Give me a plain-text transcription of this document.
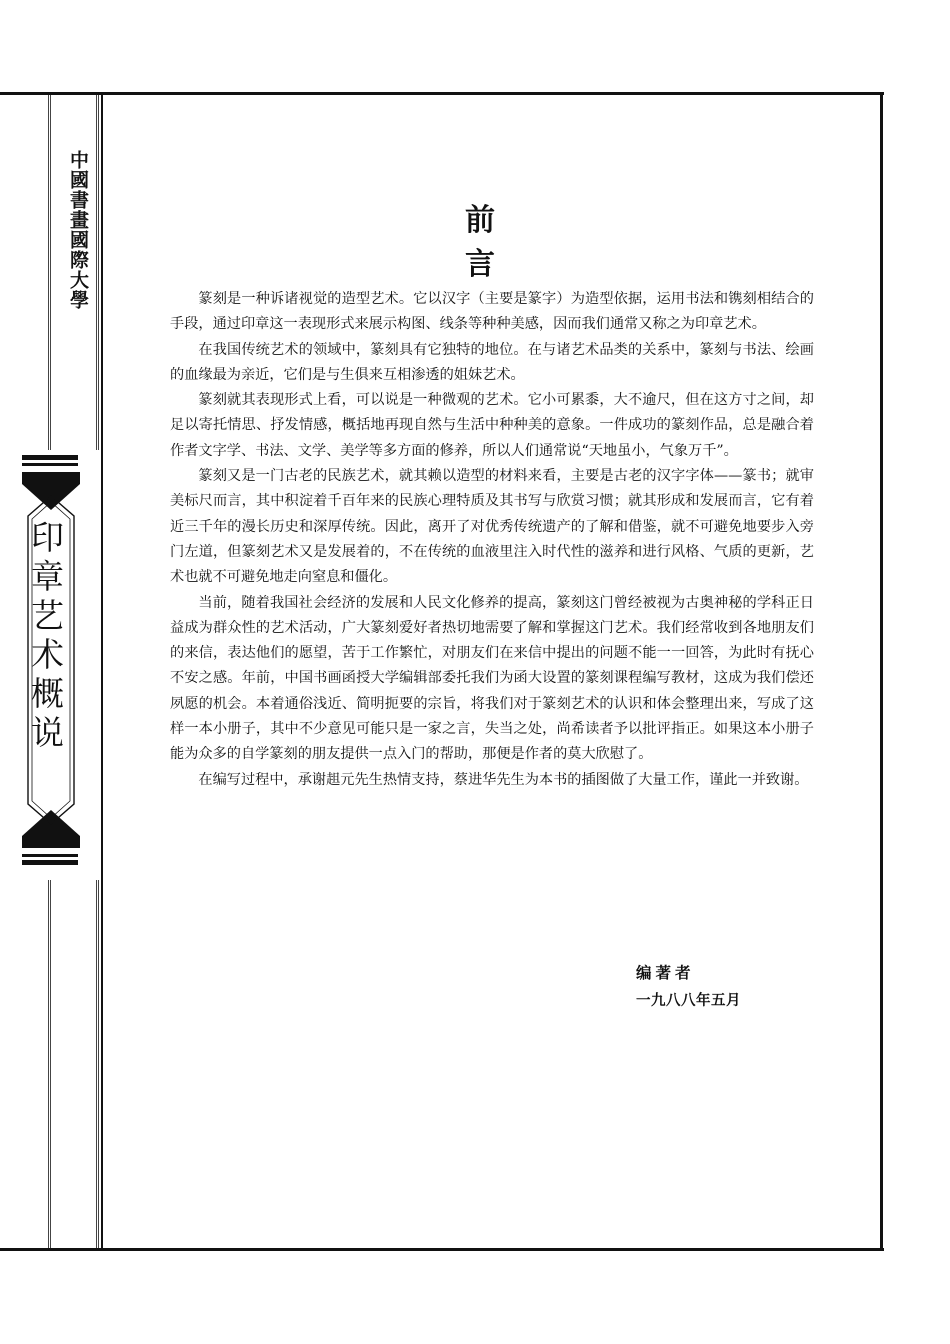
中國書畫國際大學
印章艺术概说
前言

篆刻是一种诉诸视觉的造型艺术。它以汉字（主要是篆字）为造型依据，运用书法和镌刻相结合的手段，通过印章这一表现形式来展示构图、线条等种种美感，因而我们通常又称之为印章艺术。

在我国传统艺术的领域中，篆刻具有它独特的地位。在与诸艺术品类的关系中，篆刻与书法、绘画的血缘最为亲近，它们是与生俱来互相渗透的姐妹艺术。

篆刻就其表现形式上看，可以说是一种微观的艺术。它小可累黍，大不逾尺，但在这方寸之间，却足以寄托情思、抒发情感，概括地再现自然与生活中种种美的意象。一件成功的篆刻作品，总是融合着作者文字学、书法、文学、美学等多方面的修养，所以人们通常说“天地虽小，气象万千”。

篆刻又是一门古老的民族艺术，就其赖以造型的材料来看，主要是古老的汉字字体——篆书；就审美标尺而言，其中积淀着千百年来的民族心理特质及其书写与欣赏习惯；就其形成和发展而言，它有着近三千年的漫长历史和深厚传统。因此，离开了对优秀传统遗产的了解和借鉴，就不可避免地要步入旁门左道，但篆刻艺术又是发展着的，不在传统的血液里注入时代性的滋养和进行风格、气质的更新，艺术也就不可避免地走向窒息和僵化。

当前，随着我国社会经济的发展和人民文化修养的提高，篆刻这门曾经被视为古奥神秘的学科正日益成为群众性的艺术活动，广大篆刻爱好者热切地需要了解和掌握这门艺术。我们经常收到各地朋友们的来信，表达他们的愿望，苦于工作繁忙，对朋友们在来信中提出的问题不能一一回答，为此时有抚心不安之感。年前，中国书画函授大学编辑部委托我们为函大设置的篆刻课程编写教材，这成为我们偿还夙愿的机会。本着通俗浅近、简明扼要的宗旨，将我们对于篆刻艺术的认识和体会整理出来，写成了这样一本小册子，其中不少意见可能只是一家之言，失当之处，尚希读者予以批评指正。如果这本小册子能为众多的自学篆刻的朋友提供一点入门的帮助，那便是作者的莫大欣慰了。

在编写过程中，承谢趄元先生热情支持，蔡进华先生为本书的插图做了大量工作，谨此一并致谢。

编著者
一九八八年五月
